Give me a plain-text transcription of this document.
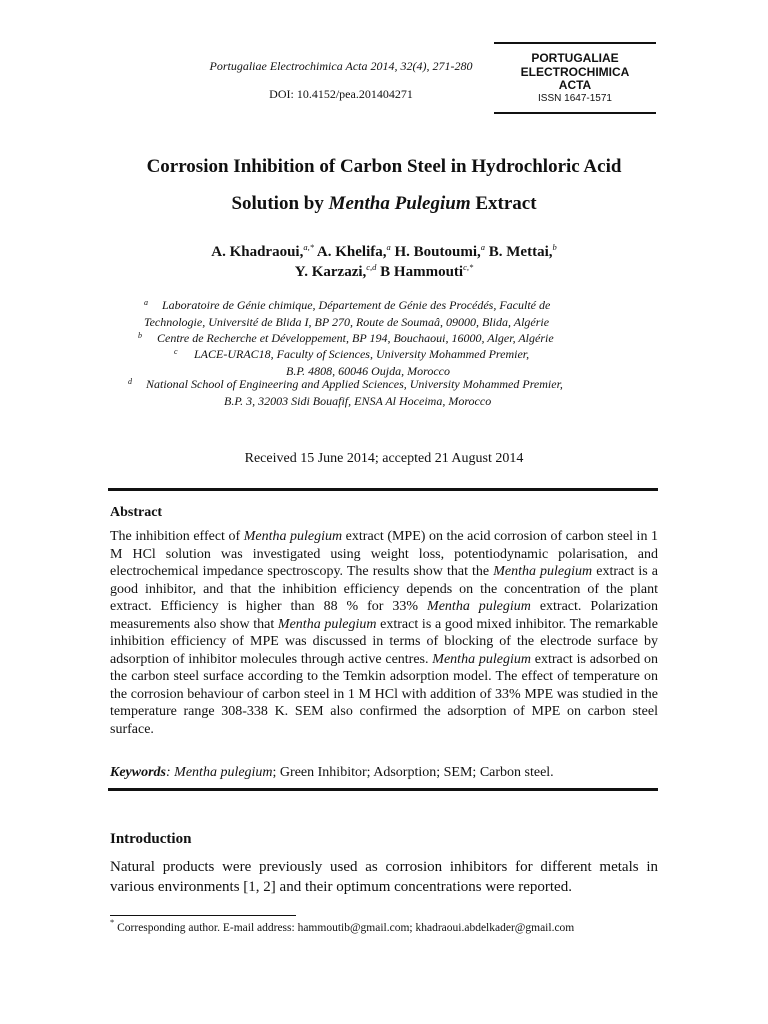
Portugaliae Electrochimica Acta 2014, 32(4), 271-280
DOI: 10.4152/pea.201404271
PORTUGALIAE
ELECTROCHIMICA
ACTA
ISSN 1647-1571
Corrosion Inhibition of Carbon Steel in Hydrochloric Acid
Solution by Mentha Pulegium Extract
A. Khadraoui,$^{a,*}$ A. Khelifa,$^a$ H. Boutoumi,$^a$ B. Mettai,$^b$
Y. Karzazi,$^{c,d}$ B Hammouti$^{c,*}$
a	Laboratoire de Génie chimique, Département de Génie des Procédés, Faculté de
Technologie, Université de Blida I, BP 270, Route de Soumaâ, 09000, Blida, Algérie
b	Centre de Recherche et Développement, BP 194, Bouchaoui, 16000, Alger, Algérie
c	LACE-URAC18, Faculty of Sciences, University Mohammed Premier,
B.P. 4808, 60046 Oujda, Morocco
d	National School of Engineering and Applied Sciences, University Mohammed Premier,
B.P. 3, 32003 Sidi Bouafif, ENSA Al Hoceima, Morocco
Received 15 June 2014; accepted 21 August 2014
Abstract
The inhibition effect of Mentha pulegium extract (MPE) on the acid corrosion of carbon steel in 1 M HCl solution was investigated using weight loss, potentiodynamic polarisation, and electrochemical impedance spectroscopy. The results show that the Mentha pulegium extract is a good inhibitor, and that the inhibition efficiency depends on the concentration of the plant extract. Efficiency is higher than 88 % for 33% Mentha pulegium extract. Polarization measurements also show that Mentha pulegium extract is a good mixed inhibitor. The remarkable inhibition efficiency of MPE was discussed in terms of blocking of the electrode surface by adsorption of inhibitor molecules through active centres. Mentha pulegium extract is adsorbed on the carbon steel surface according to the Temkin adsorption model. The effect of temperature on the corrosion behaviour of carbon steel in 1 M HCl with addition of 33% MPE was studied in the temperature range 308-338 K. SEM also confirmed the adsorption of MPE on carbon steel surface.
Keywords: Mentha pulegium; Green Inhibitor; Adsorption; SEM; Carbon steel.
Introduction
Natural products were previously used as corrosion inhibitors for different metals in various environments [1, 2] and their optimum concentrations were reported.
* Corresponding author. E-mail address: hammoutib@gmail.com; khadraoui.abdelkader@gmail.com
